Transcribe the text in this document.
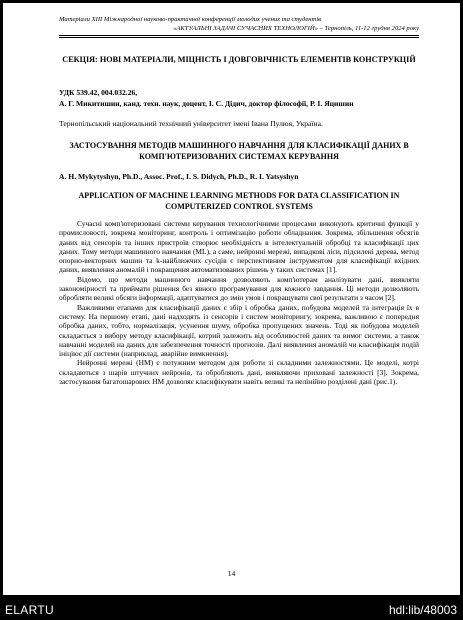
Матеріали XIII Міжнародної науково-практичної конференції молодих учених та студентів
«АКТУАЛЬНІ ЗАДАЧІ СУЧАСНИХ ТЕХНОЛОГІЙ» – Тернопіль, 11-12 грудня 2024 року
СЕКЦІЯ: НОВІ МАТЕРІАЛИ, МІЦНІСТЬ І ДОВГОВІЧНІСТЬ ЕЛЕМЕНТІВ КОНСТРУКЦІЙ
УДК 539.42, 004.032.26,
А. Г. Микитишин, канд. техн. наук, доцент, І. С. Дідич, доктор філософії, Р. І. Яцишин
Тернопільський національний технічний університет імені Івана Пулюя, Україна.
ЗАСТОСУВАННЯ МЕТОДІВ МАШИННОГО НАВЧАННЯ ДЛЯ КЛАСИФІКАЦІЇ ДАНИХ В КОМП'ЮТЕРИЗОВАНИХ СИСТЕМАХ КЕРУВАННЯ
A. H. Mykytyshyn, Ph.D., Assoc. Prof., I. S. Didych, Ph.D., R. I. Yatsyshyn
APPLICATION OF MACHINE LEARNING METHODS FOR DATA CLASSIFICATION IN COMPUTERIZED CONTROL SYSTEMS

Сучасні комп'ютеризовані системи керування технологічними процесами виконують критичні функції у промисловості, зокрема моніторинг, контроль і оптимізацію роботи обладнання. Зокрема, збільшення обсягів даних від сенсорів та інших пристроїв створює необхідність в інтелектуальній обробці та класифікації цих даних. Тому методи машинного навчання (ML), а саме, нейронні мережі, випадкові ліси, підсилені дерева, метод опорно-векторних машин та k-найближчих сусідів є перспективним інструментом для класифікації вхідних даних, виявлення аномалій і покращення автоматизованих рішень у таких системах [1].

Відомо, що методи машинного навчання дозволяють комп'ютерам аналізувати дані, виявляти закономірності та приймати рішення без явного програмування для кожного завдання. Ці методи дозволяють обробляти великі обсяги інформації, адаптуватися до змін умов і покращувати свої результати з часом [2].

Важливими етапами для класифікації даних є збір і обробка даних, побудова моделей та інтеграція їх в систему. На першому етапі, дані надходять із сенсорів і систем моніторингу, зокрема, важливою є попередня обробка даних, тобто, нормалізація, усунення шуму, обробка пропущених значень. Тоді як побудова моделей складається з вибору методу класифікації, котрий залежить від особливостей даних та вимог системи, а також навчанні моделей на даних для забезпечення точності прогнозів. Далі виявлення аномалій чи класифікація подій ініціює дії системи (наприклад, аварійне вимкнення).

Нейронні мережі (НМ) є потужним методом для роботи зі складними залежностями. Це моделі, котрі складаються з шарів штучних нейронів, та обробляють дані, виявляючи приховані залежності [3]. Зокрема, застосування багатошарових НМ дозволяє класифікувати навіть великі та нелінійно розділені дані (рис.1).

14
ELARTU	hdl:lib/48003
